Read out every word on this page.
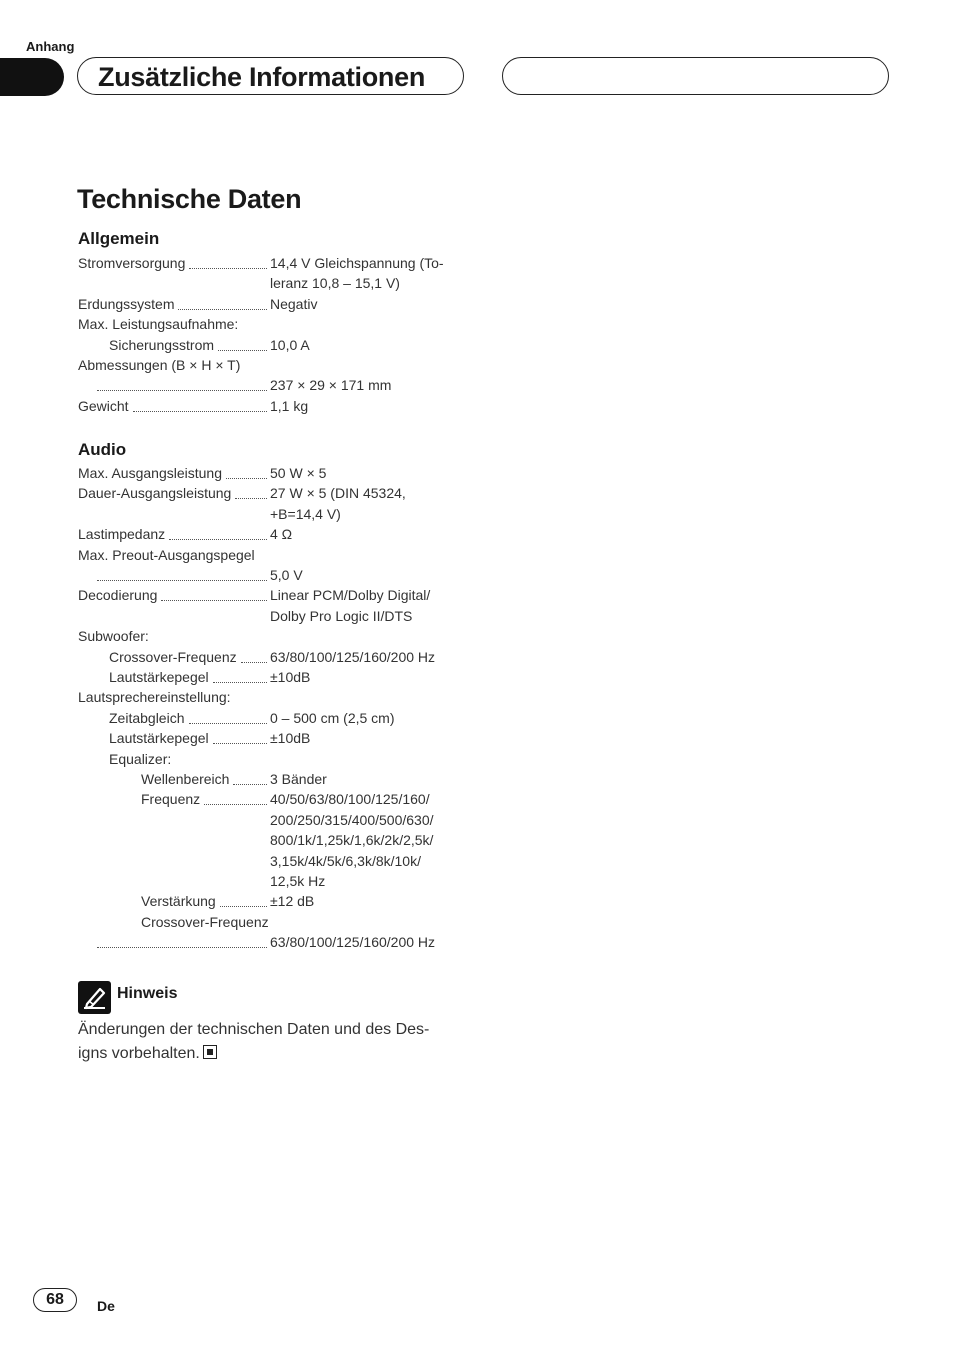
Anhang
Zusätzliche Informationen
Technische Daten
Allgemein
Stromversorgung	14,4 V Gleichspannung (To-
leranz 10,8 – 15,1 V)
Erdungssystem	Negativ
Max. Leistungsaufnahme:
Sicherungsstrom	10,0 A
Abmessungen (B × H × T)
237 × 29 × 171 mm
Gewicht	1,1 kg
Audio
Max. Ausgangsleistung	50 W × 5
Dauer-Ausgangsleistung	27 W × 5 (DIN 45324,
+B=14,4 V)
Lastimpedanz	4 Ω
Max. Preout-Ausgangspegel
5,0 V
Decodierung	Linear PCM/Dolby Digital/
Dolby Pro Logic II/DTS
Subwoofer:
Crossover-Frequenz 63/80/100/125/160/200 Hz
Lautstärkepegel	±10dB
Lautsprechereinstellung:
Zeitabgleich	0 – 500 cm (2,5 cm)
Lautstärkepegel	±10dB
Equalizer:
Wellenbereich	3 Bänder
Frequenz	40/50/63/80/100/125/160/
200/250/315/400/500/630/
800/1k/1,25k/1,6k/2k/2,5k/
3,15k/4k/5k/6,3k/8k/10k/
12,5k Hz
Verstärkung	±12 dB
Crossover-Frequenz
63/80/100/125/160/200 Hz
Hinweis
Änderungen der technischen Daten und des Des-
igns vorbehalten.
68	De
